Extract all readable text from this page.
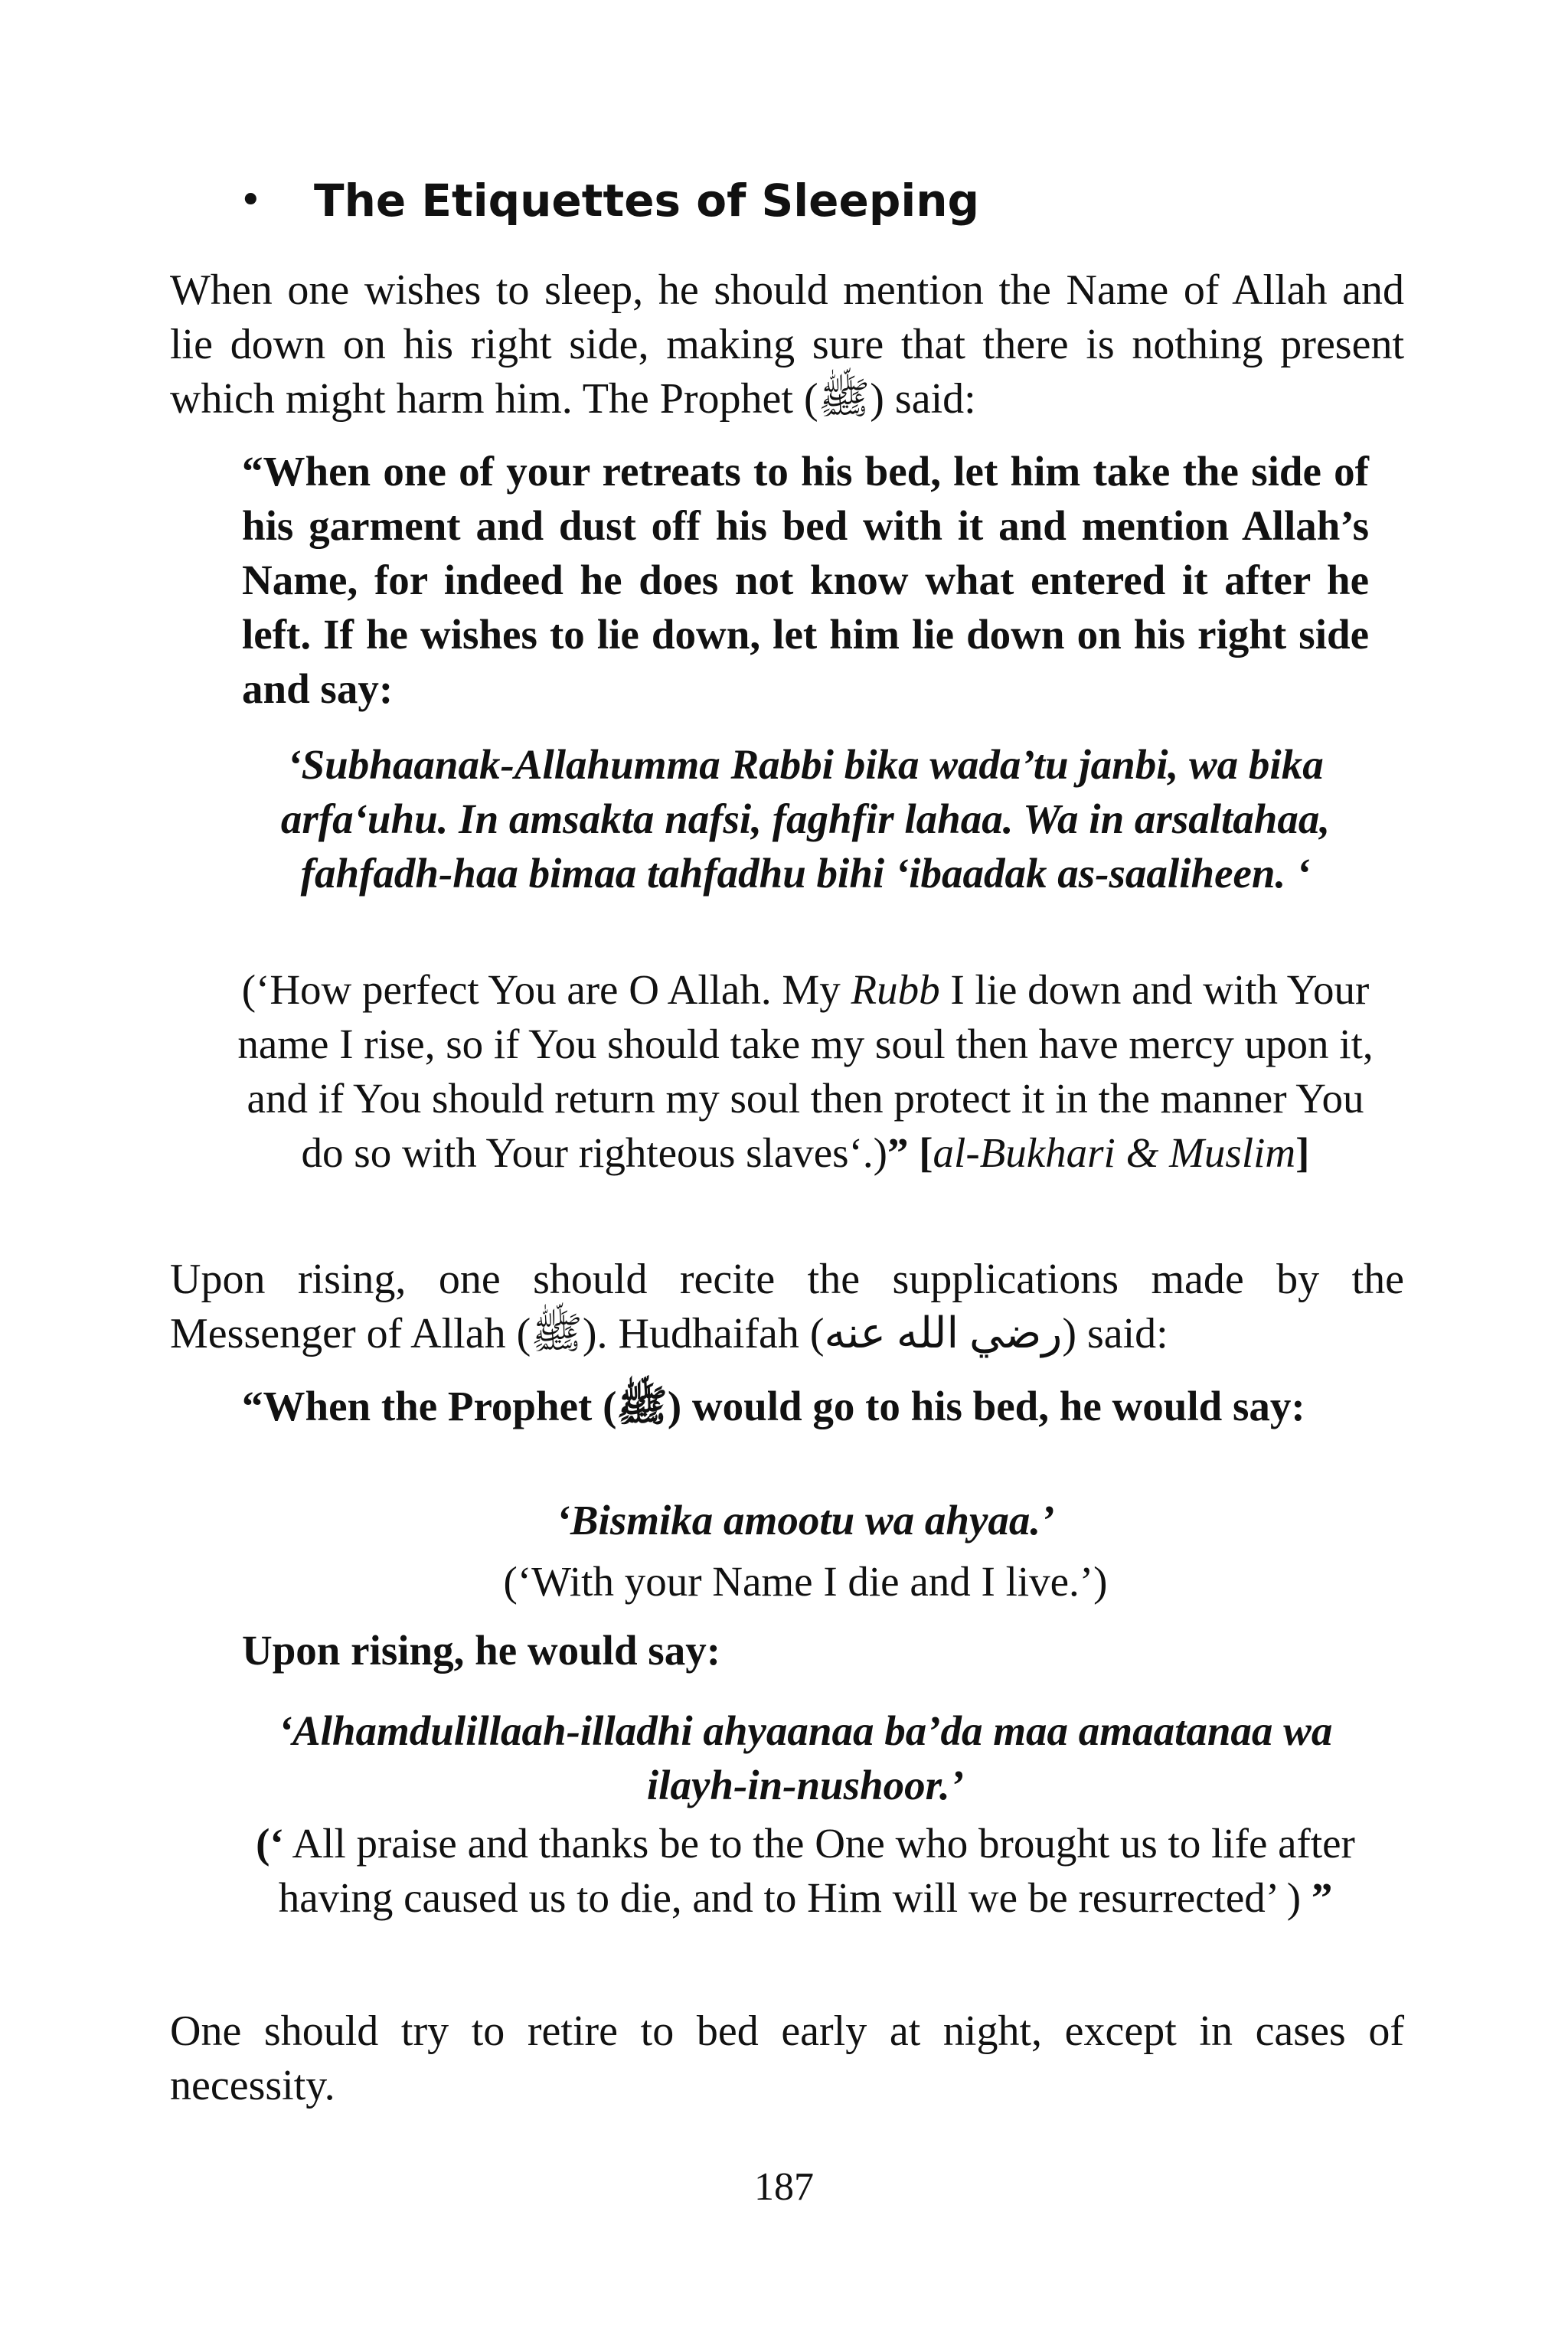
• The Etiquettes of Sleeping

When one wishes to sleep, he should mention the Name of Allah and lie down on his right side, making sure that there is nothing present which might harm him. The Prophet (ﷺ) said:

“When one of your retreats to his bed, let him take the side of his garment and dust off his bed with it and mention Allah’s Name, for indeed he does not know what entered it after he left. If he wishes to lie down, let him lie down on his right side and say:

‘Subhaanak-Allahumma Rabbi bika wada’tu janbi, wa bika arfa‘uhu. In amsakta nafsi, faghfir lahaa. Wa in arsaltahaa, fahfadh-haa bimaa tahfadhu bihi ‘ibaadak as-saaliheen. ‘

(‘How perfect You are O Allah. My Rubb I lie down and with Your name I rise, so if You should take my soul then have mercy upon it, and if You should return my soul then protect it in the manner You do so with Your righteous slaves‘.)” [al-Bukhari & Muslim]

Upon rising, one should recite the supplications made by the Messenger of Allah (ﷺ). Hudhaifah (رضي الله عنه) said:

“When the Prophet (ﷺ) would go to his bed, he would say:

‘Bismika amootu wa ahyaa.’

(‘With your Name I die and I live.’)

Upon rising, he would say:

‘Alhamdulillaah-illadhi ahyaanaa ba’da maa amaatanaa wa ilayh-in-nushoor.’

(‘ All praise and thanks be to the One who brought us to life after having caused us to die, and to Him will we be resurrected’ ) ”

One should try to retire to bed early at night, except in cases of necessity.

187
